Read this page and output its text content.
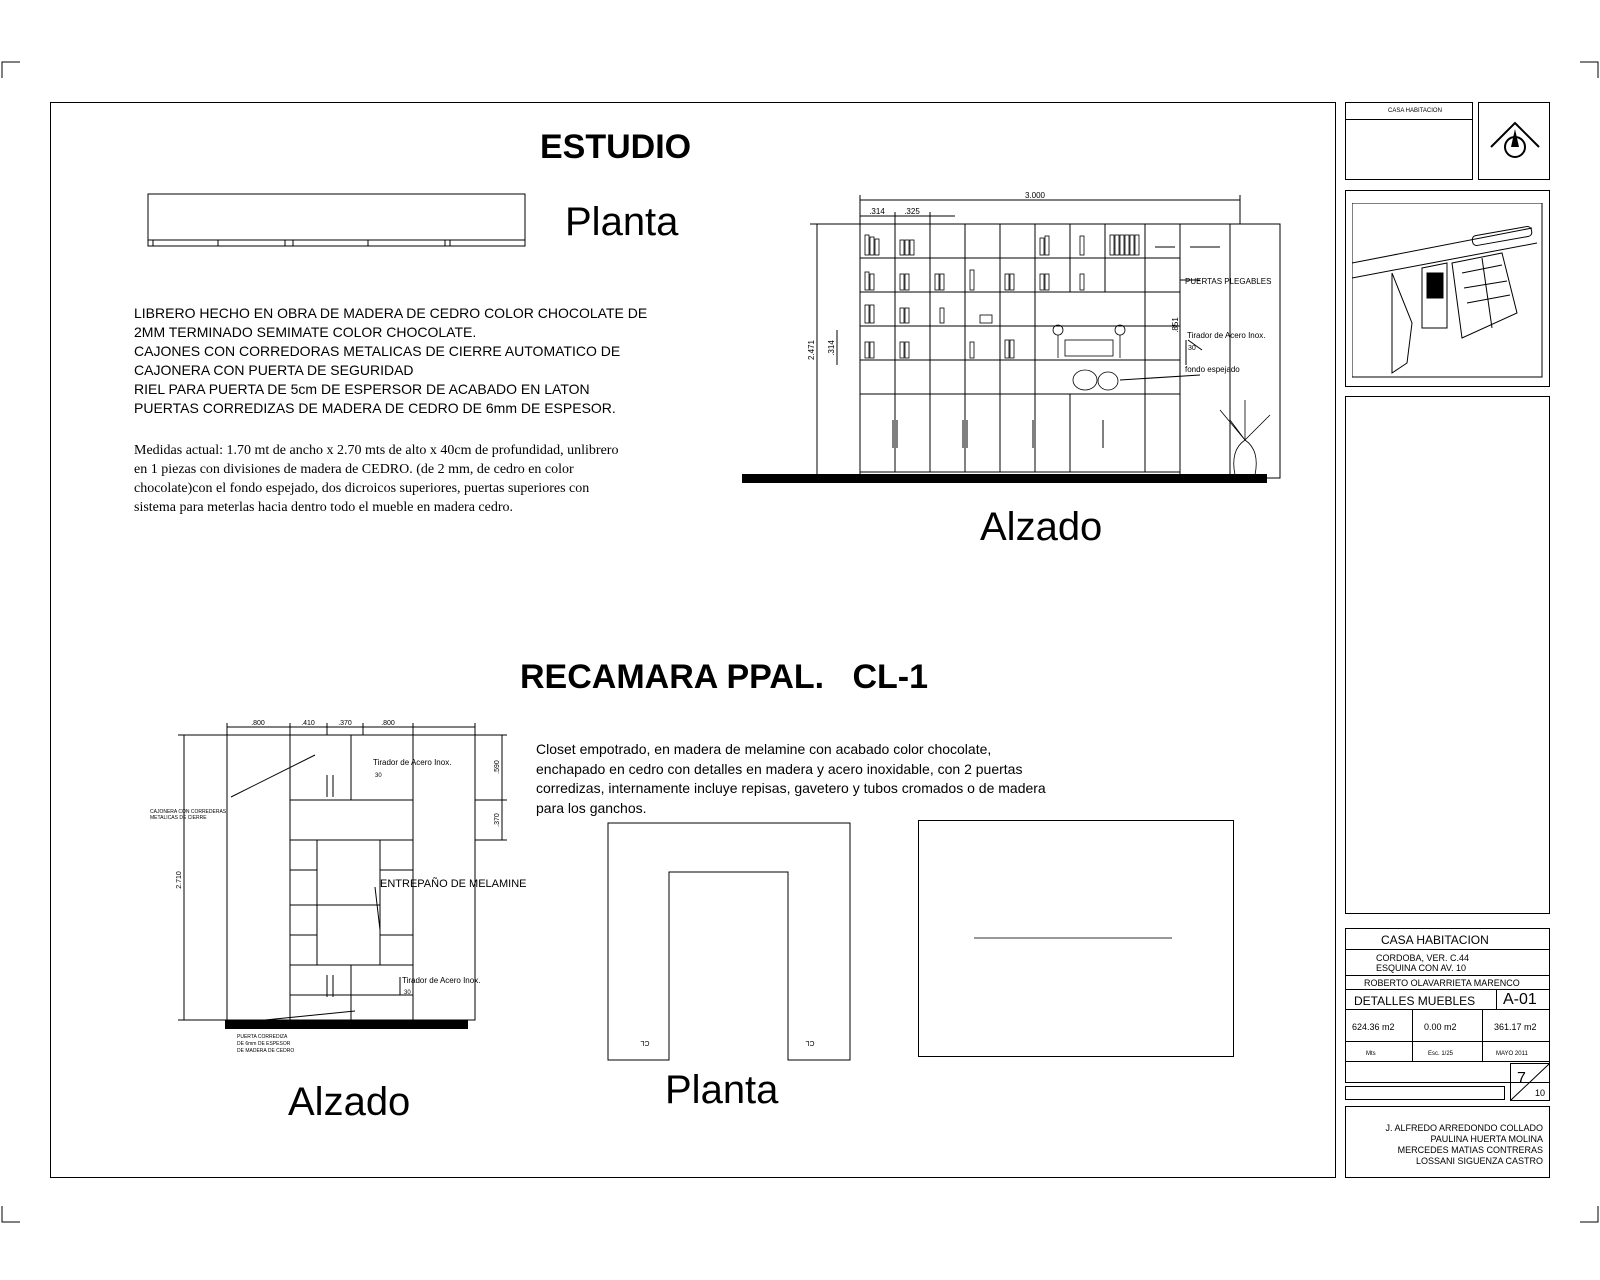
ESTUDIO
Planta
LIBRERO HECHO EN OBRA DE MADERA DE CEDRO COLOR CHOCOLATE DE
2MM TERMINADO SEMIMATE COLOR CHOCOLATE.
CAJONES CON CORREDORAS METALICAS DE CIERRE AUTOMATICO DE
CAJONERA CON PUERTA DE SEGURIDAD
RIEL PARA PUERTA DE 5cm DE ESPERSOR DE ACABADO EN LATON
PUERTAS CORREDIZAS DE MADERA DE CEDRO DE 6mm DE ESPESOR.
Medidas actual: 1.70 mt de ancho x 2.70 mts de alto x 40cm de profundidad, unlibrero
en 1 piezas con divisiones de madera de CEDRO. (de 2 mm, de cedro en color
chocolate)con el fondo espejado, dos dicroicos superiores, puertas superiores con
sistema para meterlas hacia dentro todo el mueble en madera cedro.
3.000
.314 .325
2.471 .314
.851
PUERTAS PLEGABLES
Tirador de Acero Inox.
30
fondo espejado
Alzado
RECAMARA PPAL.   CL-1
.800	.410	.370	.800
.590
.370
2.710
Tirador de Acero Inox.
30
ENTREPAÑO DE MELAMINE
Tirador de Acero Inox.
30
CAJONERA CON CORREDERAS
METALICAS DE CIERRE
PUERTA CORREDIZA
DE 6mm DE ESPESOR
DE MADERA DE CEDRO
Alzado
Closet empotrado, en madera de melamine con acabado color chocolate,
enchapado en cedro con detalles en madera y acero inoxidable, con 2 puertas
corredizas, internamente incluye repisas, gavetero y tubos cromados o de madera
para los ganchos.
CL	CL
Planta
CASA HABITACION
CASA HABITACION
CORDOBA, VER. C.44
ESQUINA CON AV. 10
ROBERTO OLAVARRIETA MARENCO
DETALLES MUEBLES A-01
624.36 m2	0.00 m2	361.17 m2
Mts	Esc. 1/25	MAYO 2011
7
10
J. ALFREDO ARREDONDO COLLADO
PAULINA HUERTA MOLINA
MERCEDES MATIAS CONTRERAS
LOSSANI SIGUENZA CASTRO
